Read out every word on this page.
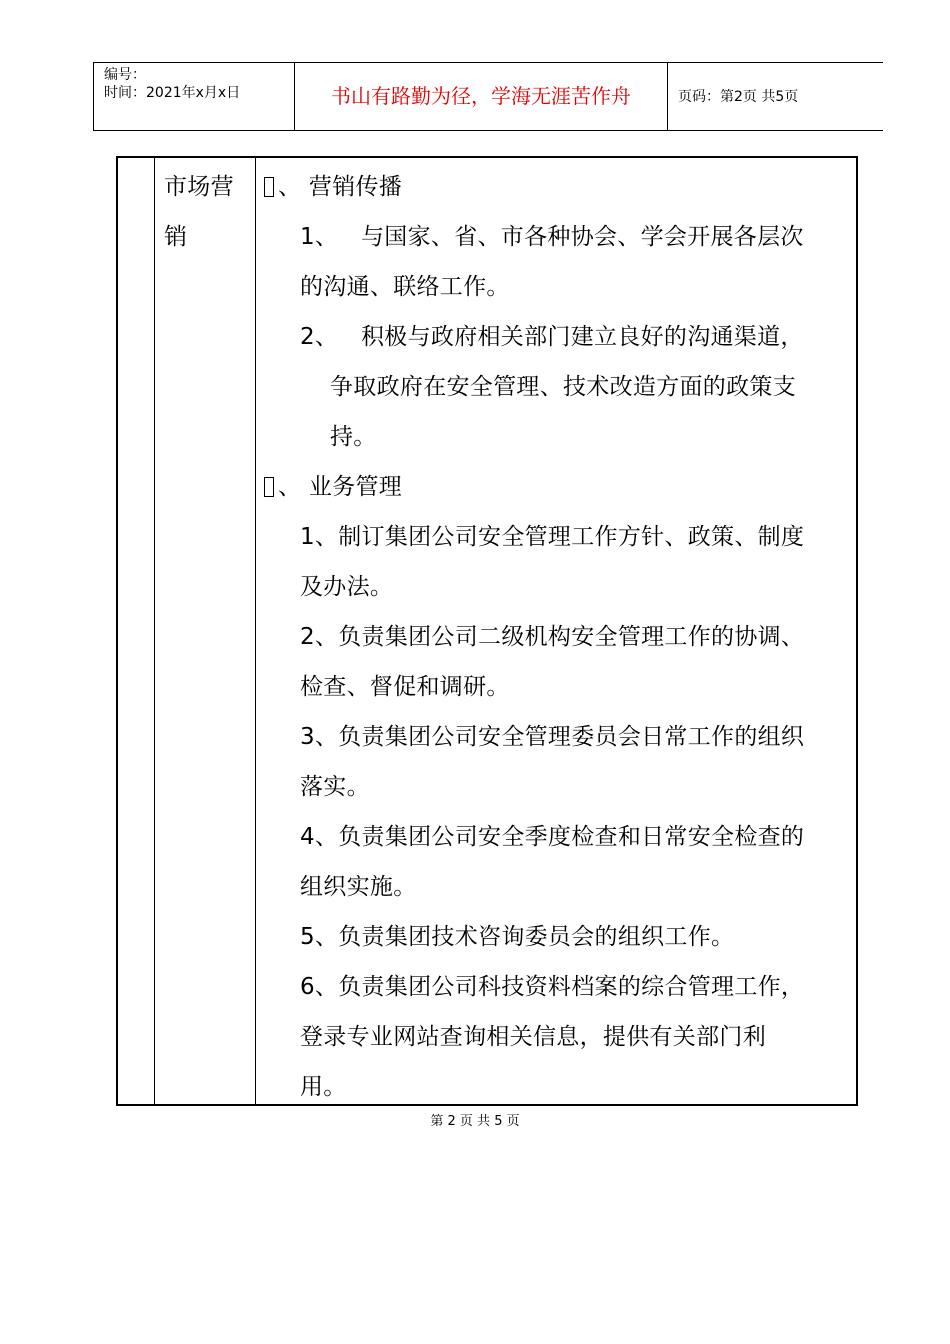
编号：
时间：2021年x月x日	书山有路勤为径，学海无涯苦作舟	页码：第2页 共5页
市场营
销
、 营销传播
1、 与国家、省、市各种协会、学会开展各层次
的沟通、联络工作。
2、 积极与政府相关部门建立良好的沟通渠道，
争取政府在安全管理、技术改造方面的政策支
持。
、 业务管理
1、制订集团公司安全管理工作方针、政策、制度
及办法。
2、负责集团公司二级机构安全管理工作的协调、
检查、督促和调研。
3、负责集团公司安全管理委员会日常工作的组织
落实。
4、负责集团公司安全季度检查和日常安全检查的
组织实施。
5、负责集团技术咨询委员会的组织工作。
6、负责集团公司科技资料档案的综合管理工作，
登录专业网站查询相关信息，提供有关部门利
用。
第 2 页 共 5 页
